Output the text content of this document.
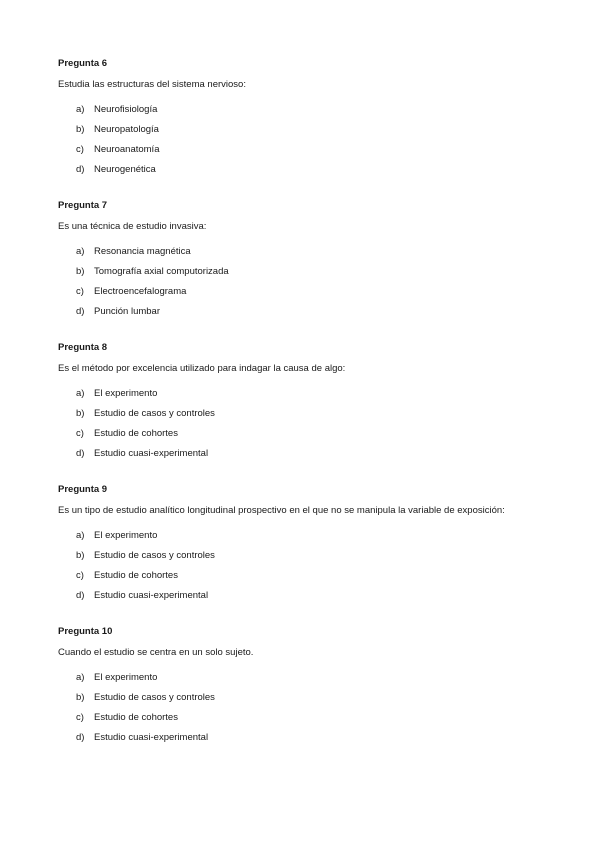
Pregunta 6
Estudia las estructuras del sistema nervioso:
a)	Neurofisiología
b)	Neuropatología
c)	Neuroanatomía
d)	Neurogenética
Pregunta 7
Es una técnica de estudio invasiva:
a)	Resonancia magnética
b)	Tomografía axial computorizada
c)	Electroencefalograma
d)	Punción lumbar
Pregunta 8
Es el método por excelencia utilizado para indagar la causa de algo:
a)	El experimento
b)	Estudio de casos y controles
c)	Estudio de cohortes
d)	Estudio cuasi-experimental
Pregunta 9
Es un tipo de estudio analítico longitudinal prospectivo en el que no se manipula la variable de exposición:
a)	El experimento
b)	Estudio de casos y controles
c)	Estudio de cohortes
d)	Estudio cuasi-experimental
Pregunta 10
Cuando el estudio se centra en un solo sujeto.
a)	El experimento
b)	Estudio de casos y controles
c)	Estudio de cohortes
d)	Estudio cuasi-experimental
